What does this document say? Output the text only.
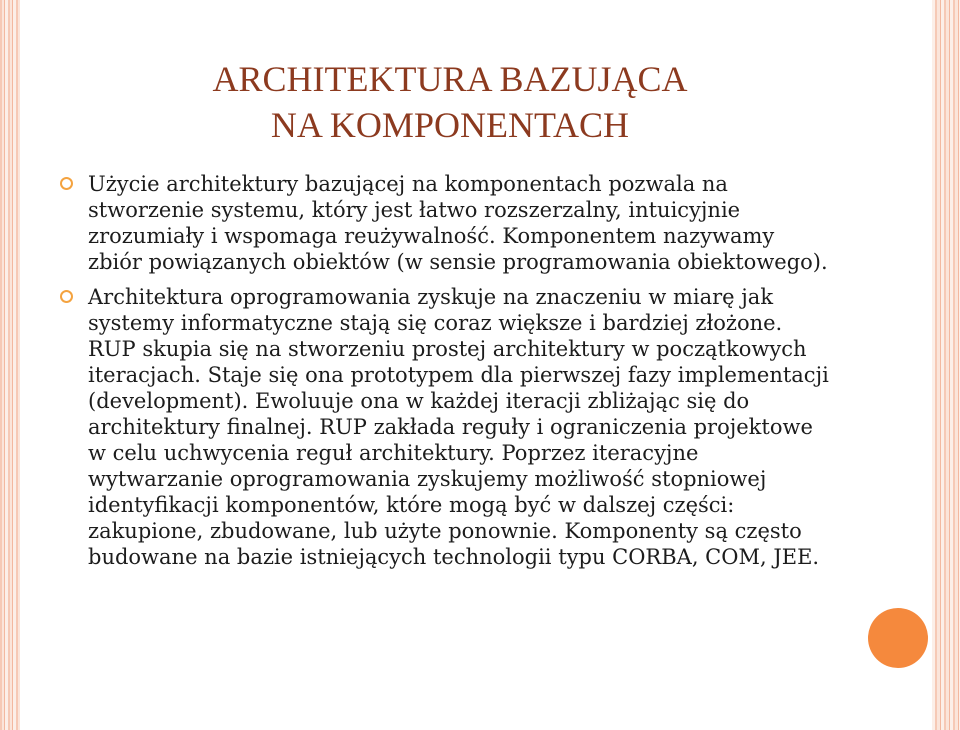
ARCHITEKTURA BAZUJĄCA
NA KOMPONENTACH
Użycie architektury bazującej na komponentach pozwala na stworzenie systemu, który jest łatwo rozszerzalny, intuicyjnie zrozumiały i wspomaga reużywalność. Komponentem nazywamy zbiór powiązanych obiektów (w sensie programowania obiektowego).
Architektura oprogramowania zyskuje na znaczeniu w miarę jak systemy informatyczne stają się coraz większe i bardziej złożone. RUP skupia się na stworzeniu prostej architektury w początkowych iteracjach. Staje się ona prototypem dla pierwszej fazy implementacji (development). Ewoluuje ona w każdej iteracji zbliżając się do architektury finalnej. RUP zakłada reguły i ograniczenia projektowe w celu uchwycenia reguł architektury. Poprzez iteracyjne wytwarzanie oprogramowania zyskujemy możliwość stopniowej identyfikacji komponentów, które mogą być w dalszej części: zakupione, zbudowane, lub użyte ponownie. Komponenty są często budowane na bazie istniejących technologii typu CORBA, COM, JEE.
